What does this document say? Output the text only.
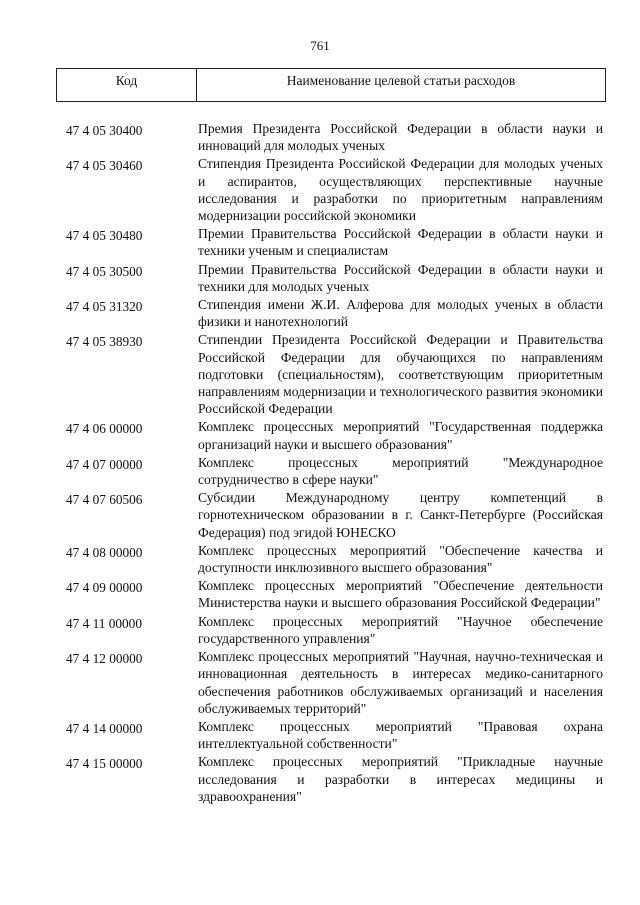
761
Код	Наименование целевой статьи расходов
47 4 05 30400	Премия Президента Российской Федерации в области науки и инноваций для молодых ученых
47 4 05 30460	Стипендия Президента Российской Федерации для молодых ученых и аспирантов, осуществляющих перспективные научные исследования и разработки по приоритетным направлениям модернизации российской экономики
47 4 05 30480	Премии Правительства Российской Федерации в области науки и техники ученым и специалистам
47 4 05 30500	Премии Правительства Российской Федерации в области науки и техники для молодых ученых
47 4 05 31320	Стипендия имени Ж.И. Алферова для молодых ученых в области физики и нанотехнологий
47 4 05 38930	Стипендии Президента Российской Федерации и Правительства Российской Федерации для обучающихся по направлениям подготовки (специальностям), соответствующим приоритетным направлениям модернизации и технологического развития экономики Российской Федерации
47 4 06 00000	Комплекс процессных мероприятий "Государственная поддержка организаций науки и высшего образования"
47 4 07 00000	Комплекс процессных мероприятий "Международное сотрудничество в сфере науки"
47 4 07 60506	Субсидии Международному центру компетенций в горнотехническом образовании в г. Санкт-Петербурге (Российская Федерация) под эгидой ЮНЕСКО
47 4 08 00000	Комплекс процессных мероприятий "Обеспечение качества и доступности инклюзивного высшего образования"
47 4 09 00000	Комплекс процессных мероприятий "Обеспечение деятельности Министерства науки и высшего образования Российской Федерации"
47 4 11 00000	Комплекс процессных мероприятий "Научное обеспечение государственного управления"
47 4 12 00000	Комплекс процессных мероприятий "Научная, научно-техническая и инновационная деятельность в интересах медико-санитарного обеспечения работников обслуживаемых организаций и населения обслуживаемых территорий"
47 4 14 00000	Комплекс процессных мероприятий "Правовая охрана интеллектуальной собственности"
47 4 15 00000	Комплекс процессных мероприятий "Прикладные научные исследования и разработки в интересах медицины и здравоохранения"
